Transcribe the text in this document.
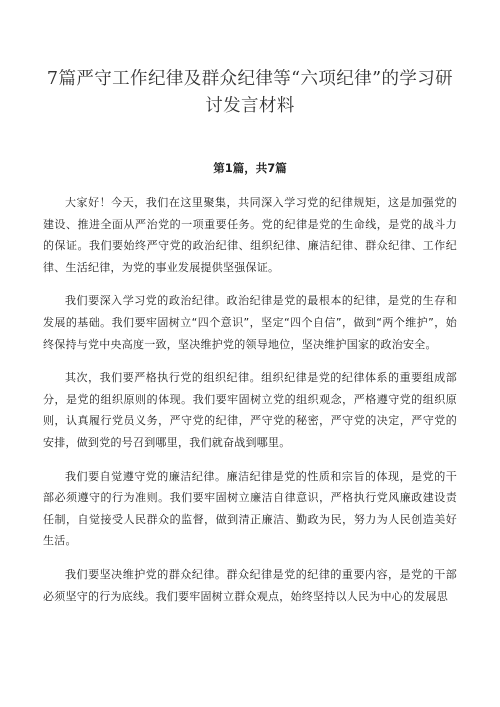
7篇严守工作纪律及群众纪律等“六项纪律”的学习研讨发言材料
第1篇，共7篇

大家好！今天，我们在这里聚集，共同深入学习党的纪律规矩，这是加强党的建设、推进全面从严治党的一项重要任务。党的纪律是党的生命线，是党的战斗力的保证。我们要始终严守党的政治纪律、组织纪律、廉洁纪律、群众纪律、工作纪律、生活纪律，为党的事业发展提供坚强保证。

我们要深入学习党的政治纪律。政治纪律是党的最根本的纪律，是党的生存和发展的基础。我们要牢固树立“四个意识”，坚定“四个自信”，做到“两个维护”，始终保持与党中央高度一致，坚决维护党的领导地位，坚决维护国家的政治安全。

其次，我们要严格执行党的组织纪律。组织纪律是党的纪律体系的重要组成部分，是党的组织原则的体现。我们要牢固树立党的组织观念，严格遵守党的组织原则，认真履行党员义务，严守党的纪律，严守党的秘密，严守党的决定，严守党的安排，做到党的号召到哪里，我们就奋战到哪里。

我们要自觉遵守党的廉洁纪律。廉洁纪律是党的性质和宗旨的体现，是党的干部必须遵守的行为准则。我们要牢固树立廉洁自律意识，严格执行党风廉政建设责任制，自觉接受人民群众的监督，做到清正廉洁、勤政为民，努力为人民创造美好生活。

我们要坚决维护党的群众纪律。群众纪律是党的纪律的重要内容，是党的干部必须坚守的行为底线。我们要牢固树立群众观点，始终坚持以人民为中心的发展思
